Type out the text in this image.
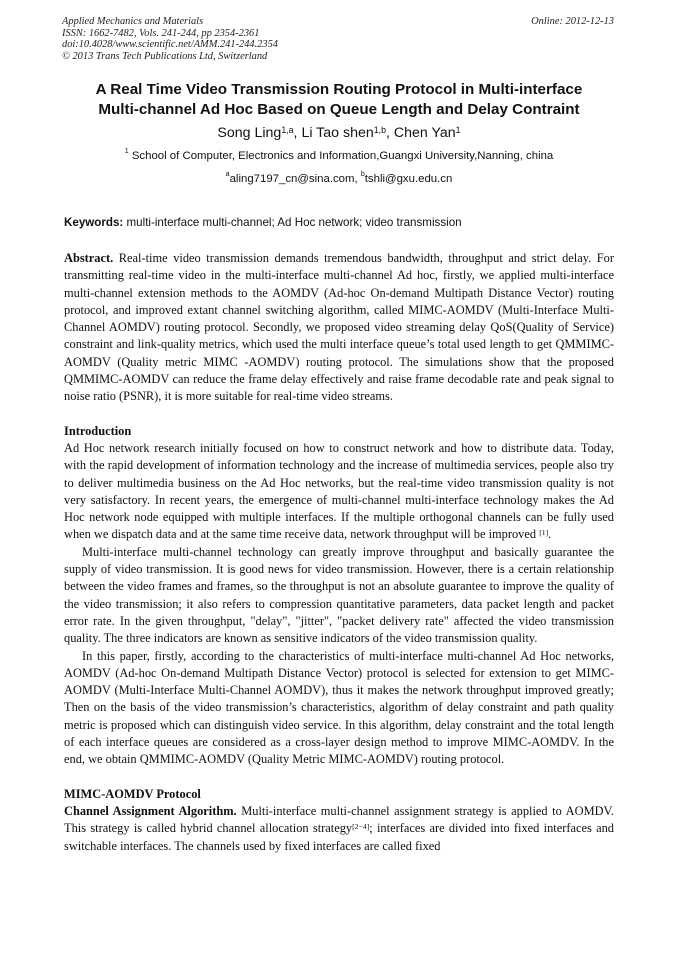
Applied Mechanics and Materials
ISSN: 1662-7482, Vols. 241-244, pp 2354-2361
doi:10.4028/www.scientific.net/AMM.241-244.2354
© 2013 Trans Tech Publications Ltd, Switzerland
Online: 2012-12-13
A Real Time Video Transmission Routing Protocol in Multi-interface
Multi-channel Ad Hoc Based on Queue Length and Delay Contraint
Song Ling$^{1,a}$, Li Tao shen$^{1,b}$, Chen Yan$^1$
$^1$ School of Computer, Electronics and Information,Guangxi University,Nanning, china
$^a$aling7197_cn@sina.com, $^b$tshli@gxu.edu.cn
Keywords: multi-interface multi-channel; Ad Hoc network; video transmission

Abstract. Real-time video transmission demands tremendous bandwidth, throughput and strict delay. For transmitting real-time video in the multi-interface multi-channel Ad hoc, firstly, we applied multi-interface multi-channel extension methods to the AOMDV (Ad-hoc On-demand Multipath Distance Vector) routing protocol, and improved extant channel switching algorithm, called MIMC-AOMDV (Multi-Interface Multi-Channel AOMDV) routing protocol. Secondly, we proposed video streaming delay QoS(Quality of Service) constraint and link-quality metrics, which used the multi interface queue’s total used length to get QMMIMC-AOMDV (Quality metric MIMC -AOMDV) routing protocol. The simulations show that the proposed QMMIMC-AOMDV can reduce the frame delay effectively and raise frame decodable rate and peak signal to noise ratio (PSNR), it is more suitable for real-time video streams.

Introduction

Ad Hoc network research initially focused on how to construct network and how to distribute data. Today, with the rapid development of information technology and the increase of multimedia services, people also try to deliver multimedia business on the Ad Hoc networks, but the real-time video transmission quality is not very satisfactory. In recent years, the emergence of multi-channel multi-interface technology makes the Ad Hoc network node equipped with multiple interfaces. If the multiple orthogonal channels can be fully used when we dispatch data and at the same time receive data, network throughput will be improved [1].

Multi-interface multi-channel technology can greatly improve throughput and basically guarantee the supply of video transmission. It is good news for video transmission. However, there is a certain relationship between the video frames and frames, so the throughput is not an absolute guarantee to improve the quality of the video transmission; it also refers to compression quantitative parameters, data packet length and packet error rate. In the given throughput, "delay", "jitter", "packet delivery rate" affected the video transmission quality. The three indicators are known as sensitive indicators of the video transmission quality.

In this paper, firstly, according to the characteristics of multi-interface multi-channel Ad Hoc networks, AOMDV (Ad-hoc On-demand Multipath Distance Vector) protocol is selected for extension to get MIMC-AOMDV (Multi-Interface Multi-Channel AOMDV), thus it makes the network throughput improved greatly; Then on the basis of the video transmission’s characteristics, algorithm of delay constraint and path quality metric is proposed which can distinguish video service. In this algorithm, delay constraint and the total length of each interface queues are considered as a cross-layer design method to improve MIMC-AOMDV. In the end, we obtain QMMIMC-AOMDV (Quality Metric MIMC-AOMDV) routing protocol.

MIMC-AOMDV Protocol

Channel Assignment Algorithm. Multi-interface multi-channel assignment strategy is applied to AOMDV. This strategy is called hybrid channel allocation strategy[2−4]; interfaces are divided into fixed interfaces and switchable interfaces. The channels used by fixed interfaces are called fixed
